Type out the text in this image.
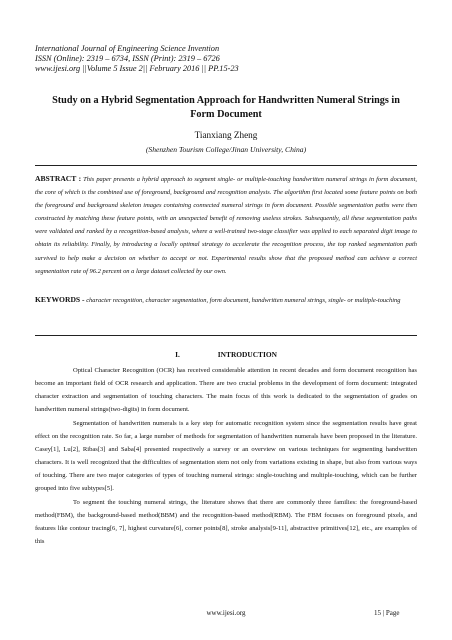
International Journal of Engineering Science Invention
ISSN (Online): 2319 – 6734, ISSN (Print): 2319 – 6726
www.ijesi.org ||Volume 5 Issue 2|| February 2016 || PP.15-23
Study on a Hybrid Segmentation Approach for Handwritten Numeral Strings in Form Document
Tianxiang Zheng
(Shenzhen Tourism College/Jinan University, China)
ABSTRACT : This paper presents a hybrid approach to segment single- or multiple-touching handwritten numeral strings in form document, the core of which is the combined use of foreground, background and recognition analysis. The algorithm first located some feature points on both the foreground and background skeleton images containing connected numeral strings in form document. Possible segmentation paths were then constructed by matching these feature points, with an unexpected benefit of removing useless strokes. Subsequently, all these segmentation paths were validated and ranked by a recognition-based analysis, where a well-trained two-stage classifier was applied to each separated digit image to obtain its reliability. Finally, by introducing a locally optimal strategy to accelerate the recognition process, the top ranked segmentation path survived to help make a decision on whether to accept or not. Experimental results show that the proposed method can achieve a correct segmentation rate of 96.2 percent on a large dataset collected by our own.
KEYWORDS - character recognition, character segmentation, form document, handwritten numeral strings, single- or multiple-touching
I.	INTRODUCTION

Optical Character Recognition (OCR) has received considerable attention in recent decades and form document recognition has become an important field of OCR research and application. There are two crucial problems in the development of form document: integrated character extraction and segmentation of touching characters. The main focus of this work is dedicated to the segmentation of grades on handwritten numeral strings(two-digits) in form document.

Segmentation of handwritten numerals is a key step for automatic recognition system since the segmentation results have great effect on the recognition rate. So far, a large number of methods for segmentation of handwritten numerals have been proposed in the literature. Casey[1], Lu[2], Ribas[3] and Saba[4] presented respectively a survey or an overview on various techniques for segmenting handwritten characters. It is well recognized that the difficulties of segmentation stem not only from variations existing in shape, but also from various ways of touching. There are two major categories of types of touching numeral strings: single-touching and multiple-touching, which can be further grouped into five subtypes[5].

To segment the touching numeral strings, the literature shows that there are commonly three families: the foreground-based method(FBM), the background-based method(BBM) and the recognition-based method(RBM). The FBM focuses on foreground pixels, and features like contour tracing[6, 7], highest curvature[6], corner points[8], stroke analysis[9-11], abstractive primitives[12], etc., are examples of this

www.ijesi.org	15 | Page
